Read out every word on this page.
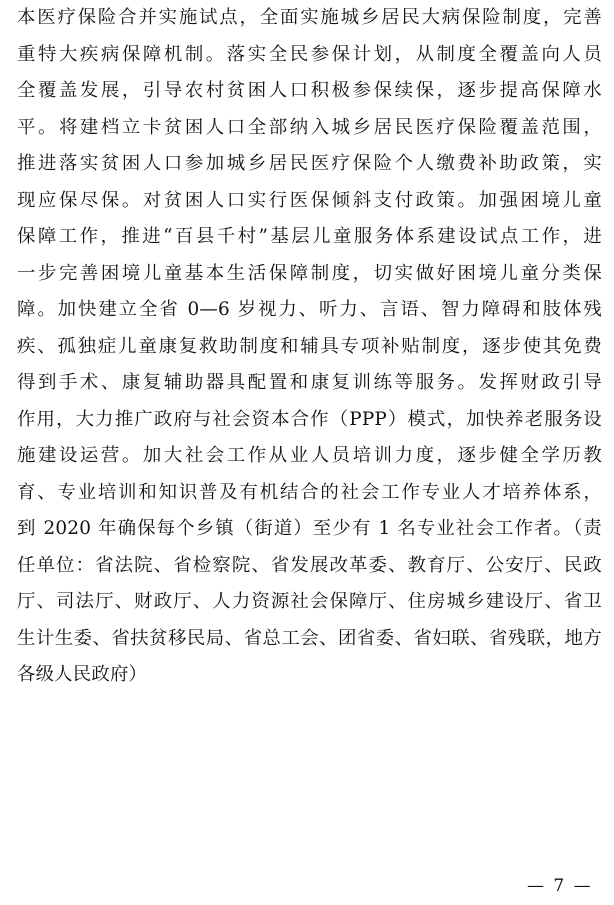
本医疗保险合并实施试点，全面实施城乡居民大病保险制度，完善
重特大疾病保障机制。落实全民参保计划，从制度全覆盖向人员
全覆盖发展，引导农村贫困人口积极参保续保，逐步提高保障水
平。将建档立卡贫困人口全部纳入城乡居民医疗保险覆盖范围，
推进落实贫困人口参加城乡居民医疗保险个人缴费补助政策，实
现应保尽保。对贫困人口实行医保倾斜支付政策。加强困境儿童
保障工作，推进“百县千村”基层儿童服务体系建设试点工作，进
一步完善困境儿童基本生活保障制度，切实做好困境儿童分类保
障。加快建立全省 0—6 岁视力、听力、言语、智力障碍和肢体残
疾、孤独症儿童康复救助制度和辅具专项补贴制度，逐步使其免费
得到手术、康复辅助器具配置和康复训练等服务。发挥财政引导
作用，大力推广政府与社会资本合作（PPP）模式，加快养老服务设
施建设运营。加大社会工作从业人员培训力度，逐步健全学历教
育、专业培训和知识普及有机结合的社会工作专业人才培养体系，
到 2020 年确保每个乡镇（街道）至少有 1 名专业社会工作者。（责
任单位：省法院、省检察院、省发展改革委、教育厅、公安厅、民政
厅、司法厅、财政厅、人力资源社会保障厅、住房城乡建设厅、省卫
生计生委、省扶贫移民局、省总工会、团省委、省妇联、省残联，地方
各级人民政府）
— 7 —
